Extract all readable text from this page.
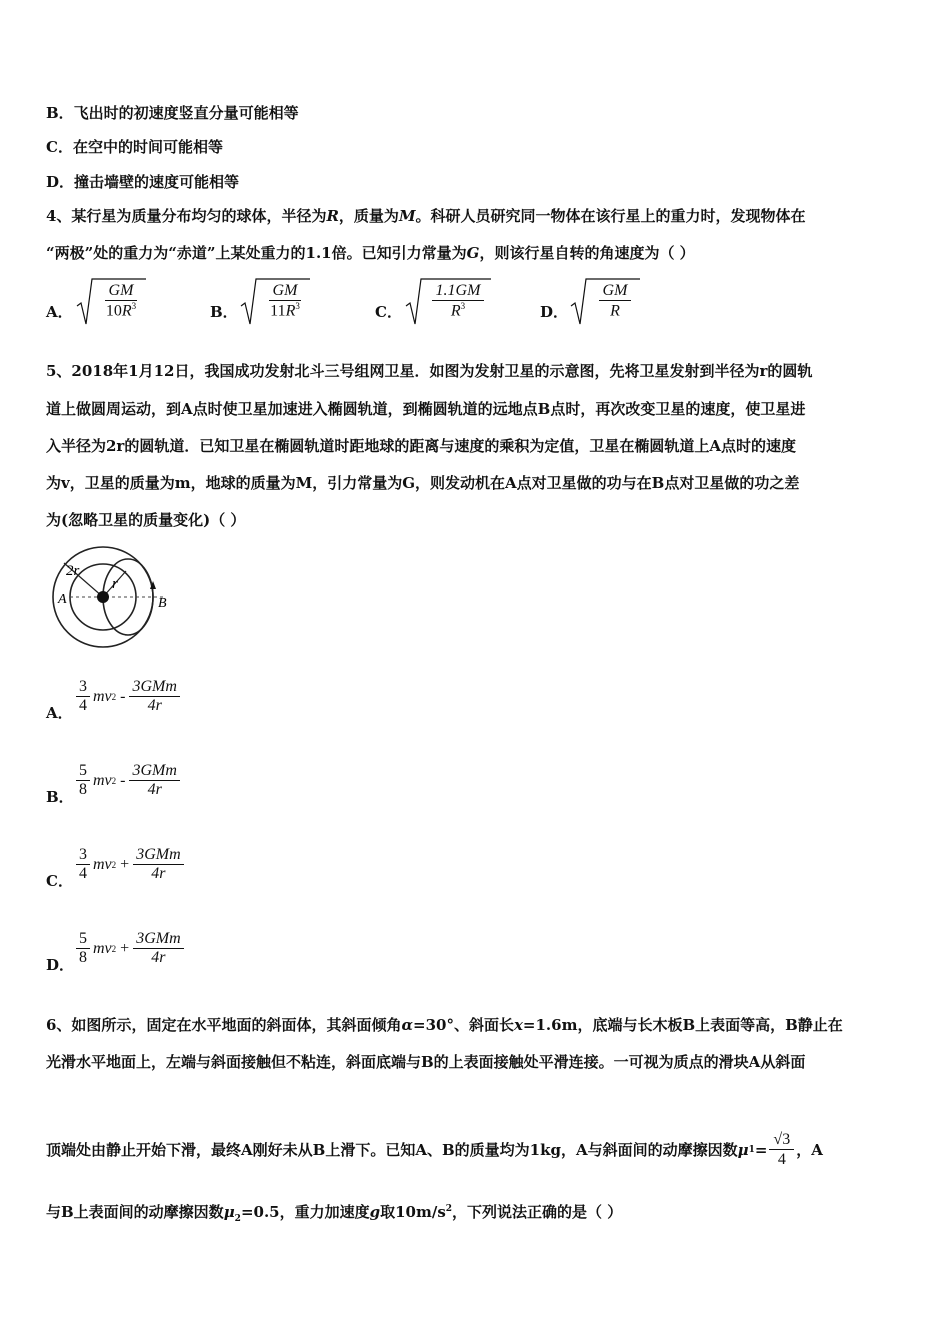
B．飞出时的初速度竖直分量可能相等
C．在空中的时间可能相等
D．撞击墙壁的速度可能相等
4、某行星为质量分布均匀的球体，半径为R，质量为M。科研人员研究同一物体在该行星上的重力时，发现物体在
“两极”处的重力为“赤道”上某处重力的1.1倍。已知引力常量为G，则该行星自转的角速度为（ ）
A． $\frac{GM}{10R^3}$	B． $\frac{GM}{11R^3}$	C． $\frac{1.1GM}{R^3}$	D． $\frac{GM}{R}$
5、2018年1月12日，我国成功发射北斗三号组网卫星．如图为发射卫星的示意图，先将卫星发射到半径为r的圆轨
道上做圆周运动，到A点时使卫星加速进入椭圆轨道，到椭圆轨道的远地点B点时，再次改变卫星的速度，使卫星进
入半径为2r的圆轨道．已知卫星在椭圆轨道时距地球的距离与速度的乘积为定值，卫星在椭圆轨道上A点时的速度
为v，卫星的质量为m，地球的质量为M，引力常量为G，则发动机在A点对卫星做的功与在B点对卫星做的功之差
为(忽略卫星的质量变化)（ ）
2r
r
A	B
A． $\frac{3}{4}$ mv $2 - \frac{\text{3GMm}}{4r}$
B． $\frac{5}{8}$ mv $2 - \frac{\text{3GMm}}{4r}$
C． $\frac{3}{4}$ mv $2 + \frac{\text{3GMm}}{4r}$
D． $\frac{5}{8}$ mv $2 + \frac{\text{3GMm}}{4r}$
6、如图所示，固定在水平地面的斜面体，其斜面倾角α=30°、斜面长x=1.6m，底端与长木板B上表面等高，B静止在
光滑水平地面上，左端与斜面接触但不粘连，斜面底端与B的上表面接触处平滑连接。一可视为质点的滑块A从斜面
顶端处由静止开始下滑，最终A刚好未从B上滑下。已知A、B的质量均为1kg，A与斜面间的动摩擦因数 μ $1 = \frac{√3}{4}$ ，A
与B上表面间的动摩擦因数$\mu_2=0.5$，重力加速度g取$10m/s^2$，下列说法正确的是（ ）
